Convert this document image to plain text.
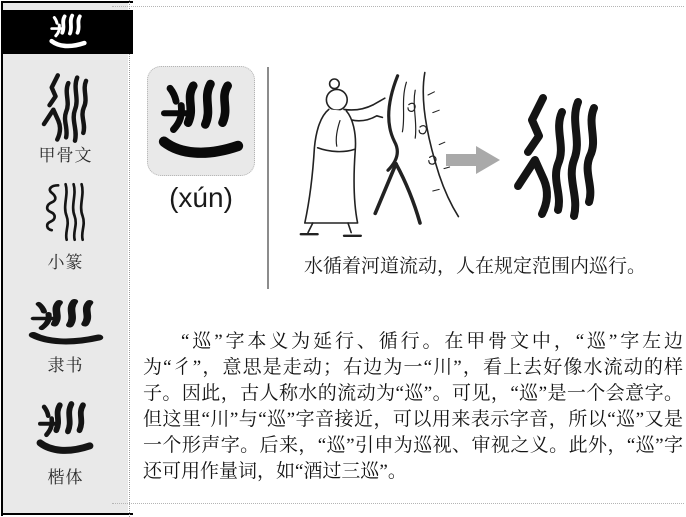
甲骨文
小篆
隶书
楷体
(xún)
水循着河道流动，人在规定范围内巡行。
“巡”字本义为延行、循行。在甲骨文中，“巡”字左边为“彳”，意思是走动；右边为一“川”，看上去好像水流动的样子。因此，古人称水的流动为“巡”。可见，“巡”是一个会意字。但这里“川”与“巡”字音接近，可以用来表示字音，所以“巡”又是一个形声字。后来，“巡”引申为巡视、审视之义。此外，“巡”字还可用作量词，如“酒过三巡”。
